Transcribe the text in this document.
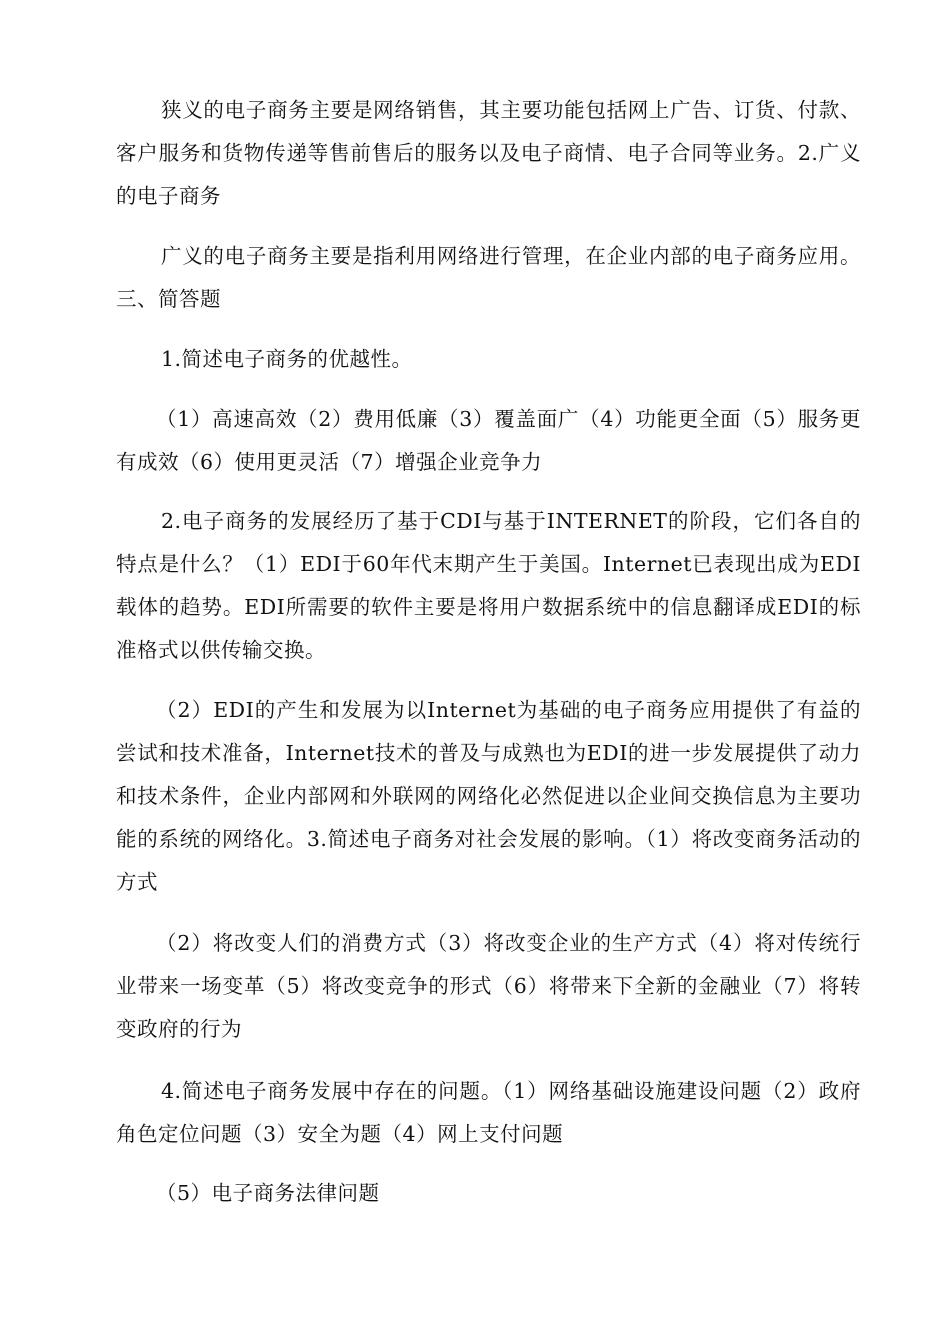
狭义的电子商务主要是网络销售，其主要功能包括网上广告、订货、付款、客户服务和货物传递等售前售后的服务以及电子商情、电子合同等业务。2.广义的电子商务

广义的电子商务主要是指利用网络进行管理，在企业内部的电子商务应用。三、简答题

1.简述电子商务的优越性。

（1）高速高效（2）费用低廉（3）覆盖面广（4）功能更全面（5）服务更有成效（6）使用更灵活（7）增强企业竞争力

2.电子商务的发展经历了基于CDI与基于INTERNET的阶段，它们各自的特点是什么？（1）EDI于60年代末期产生于美国。Internet已表现出成为EDI载体的趋势。EDI所需要的软件主要是将用户数据系统中的信息翻译成EDI的标准格式以供传输交换。

（2）EDI的产生和发展为以Internet为基础的电子商务应用提供了有益的尝试和技术准备，Internet技术的普及与成熟也为EDI的进一步发展提供了动力和技术条件，企业内部网和外联网的网络化必然促进以企业间交换信息为主要功能的系统的网络化。3.简述电子商务对社会发展的影响。（1）将改变商务活动的方式

（2）将改变人们的消费方式（3）将改变企业的生产方式（4）将对传统行业带来一场变革（5）将改变竞争的形式（6）将带来下全新的金融业（7）将转变政府的行为

4.简述电子商务发展中存在的问题。（1）网络基础设施建设问题（2）政府角色定位问题（3）安全为题（4）网上支付问题

（5）电子商务法律问题
